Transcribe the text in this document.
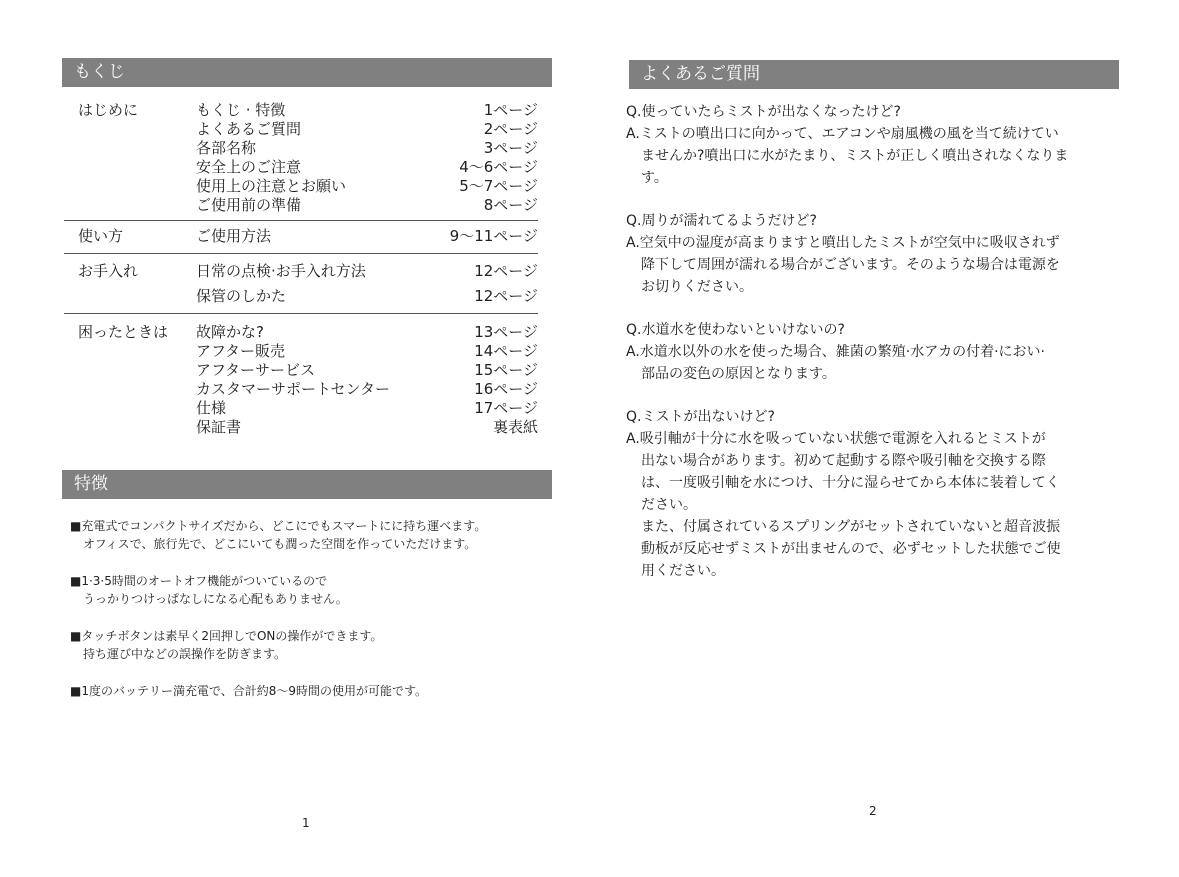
もくじ
はじめに	もくじ · 特徴	1ページ
よくあるご質問	2ページ
各部名称	3ページ
安全上のご注意	4～6ページ
使用上の注意とお願い	5～7ページ
ご使用前の準備	8ページ
使い方	ご使用方法	9～11ページ
お手入れ	日常の点検·お手入れ方法	12ページ
保管のしかた	12ページ
困ったときは	故障かな?	13ページ
アフター販売	14ページ
アフターサービス	15ページ
カスタマーサポートセンター	16ページ
仕様	17ページ
保証書	裏表紙
特徴
■ 充電式でコンパクトサイズだから、どこにでもスマートにに持ち運べます。
オフィスで、旅行先で、どこにいても潤った空間を作っていただけます。
■ 1·3·5時間のオートオフ機能がついているので
うっかりつけっぱなしになる心配もありません。
■ タッチボタンは素早く2回押しでONの操作ができます。
持ち運び中などの誤操作を防ぎます。
■ 1度のバッテリー満充電で、合計約8～9時間の使用が可能です。
1
よくあるご質問
Q.使っていたらミストが出なくなったけど?
A.ミストの噴出口に向かって、エアコンや扇風機の風を当て続けてい
ませんか?噴出口に水がたまり、ミストが正しく噴出されなくなりま
す。
Q.周りが濡れてるようだけど?
A.空気中の湿度が高まりますと噴出したミストが空気中に吸収されず
降下して周囲が濡れる場合がございます。そのような場合は電源を
お切りください。
Q.水道水を使わないといけないの?
A.水道水以外の水を使った場合、雑菌の繁殖·水アカの付着·におい·
部品の変色の原因となります。
Q.ミストが出ないけど?
A.吸引軸が十分に水を吸っていない状態で電源を入れるとミストが
出ない場合があります。初めて起動する際や吸引軸を交換する際
は、一度吸引軸を水につけ、十分に湿らせてから本体に装着してく
ださい。
また、付属されているスプリングがセットされていないと超音波振
動板が反応せずミストが出ませんので、必ずセットした状態でご使
用ください。
2
